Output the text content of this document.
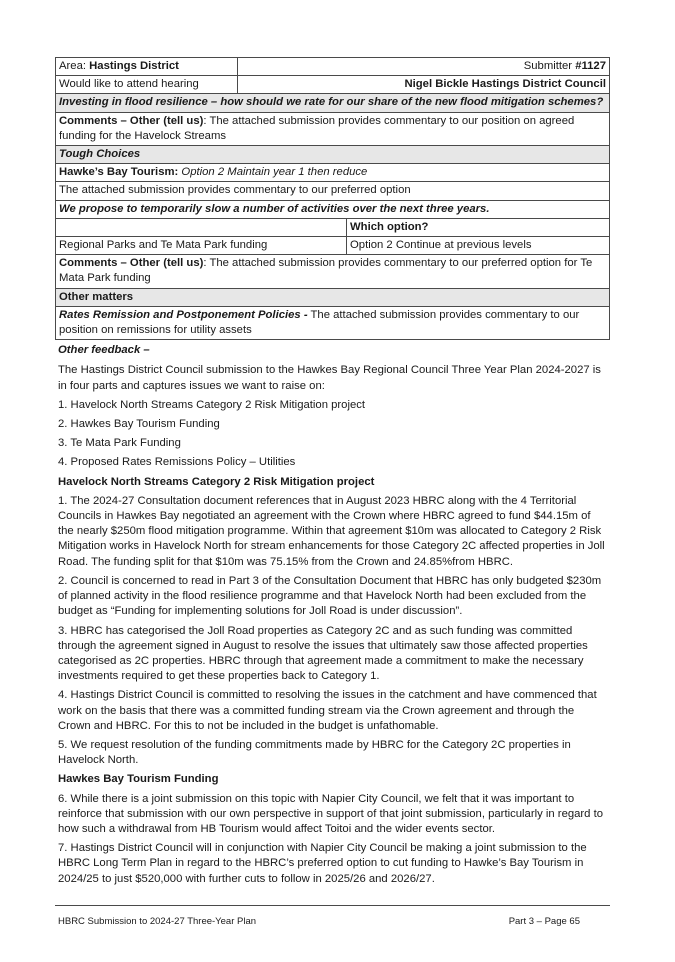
Area: Hastings District	Submitter #1127
Would like to attend hearing	Nigel Bickle Hastings District Council
Investing in flood resilience – how should we rate for our share of the new flood mitigation schemes?	
Comments – Other (tell us): The attached submission provides commentary to our position on agreed funding for the Havelock Streams	
Tough Choices	

Hawke’s Bay Tourism: Option 2 Maintain year 1 then reduce
The attached submission provides commentary to our preferred option	

We propose to temporarily slow a number of activities over the next three years.	
	Which option?
Regional Parks and Te Mata Park funding	Option 2 Continue at previous levels
Comments – Other (tell us): The attached submission provides commentary to our preferred option for Te Mata Park funding	
Other matters	
Rates Remission and Postponement Policies - The attached submission provides commentary to our position on remissions for utility assets	
Other feedback –

The Hastings District Council submission to the Hawkes Bay Regional Council Three Year Plan 2024-2027 is in four parts and captures issues we want to raise on:

1. Havelock North Streams Category 2 Risk Mitigation project

2. Hawkes Bay Tourism Funding

3. Te Mata Park Funding

4. Proposed Rates Remissions Policy – Utilities

Havelock North Streams Category 2 Risk Mitigation project

1. The 2024-27 Consultation document references that in August 2023 HBRC along with the 4 Territorial Councils in Hawkes Bay negotiated an agreement with the Crown where HBRC agreed to fund $44.15m of the nearly $250m flood mitigation programme. Within that agreement $10m was allocated to Category 2 Risk Mitigation works in Havelock North for stream enhancements for those Category 2C affected properties in Joll Road. The funding split for that $10m was 75.15% from the Crown and 24.85%from HBRC.

2. Council is concerned to read in Part 3 of the Consultation Document that HBRC has only budgeted $230m of planned activity in the flood resilience programme and that Havelock North had been excluded from the budget as “Funding for implementing solutions for Joll Road is under discussion”.

3. HBRC has categorised the Joll Road properties as Category 2C and as such funding was committed through the agreement signed in August to resolve the issues that ultimately saw those affected properties categorised as 2C properties. HBRC through that agreement made a commitment to make the necessary investments required to get these properties back to Category 1.

4. Hastings District Council is committed to resolving the issues in the catchment and have commenced that work on the basis that there was a committed funding stream via the Crown agreement and through the Crown and HBRC. For this to not be included in the budget is unfathomable.

5. We request resolution of the funding commitments made by HBRC for the Category 2C properties in Havelock North.

Hawkes Bay Tourism Funding

6. While there is a joint submission on this topic with Napier City Council, we felt that it was important to reinforce that submission with our own perspective in support of that joint submission, particularly in regard to how such a withdrawal from HB Tourism would affect Toitoi and the wider events sector.

7. Hastings District Council will in conjunction with Napier City Council be making a joint submission to the HBRC Long Term Plan in regard to the HBRC’s preferred option to cut funding to Hawke’s Bay Tourism in 2024/25 to just $520,000 with further cuts to follow in 2025/26 and 2026/27.

HBRC Submission to 2024-27 Three-Year Plan	Part 3 – Page 65
